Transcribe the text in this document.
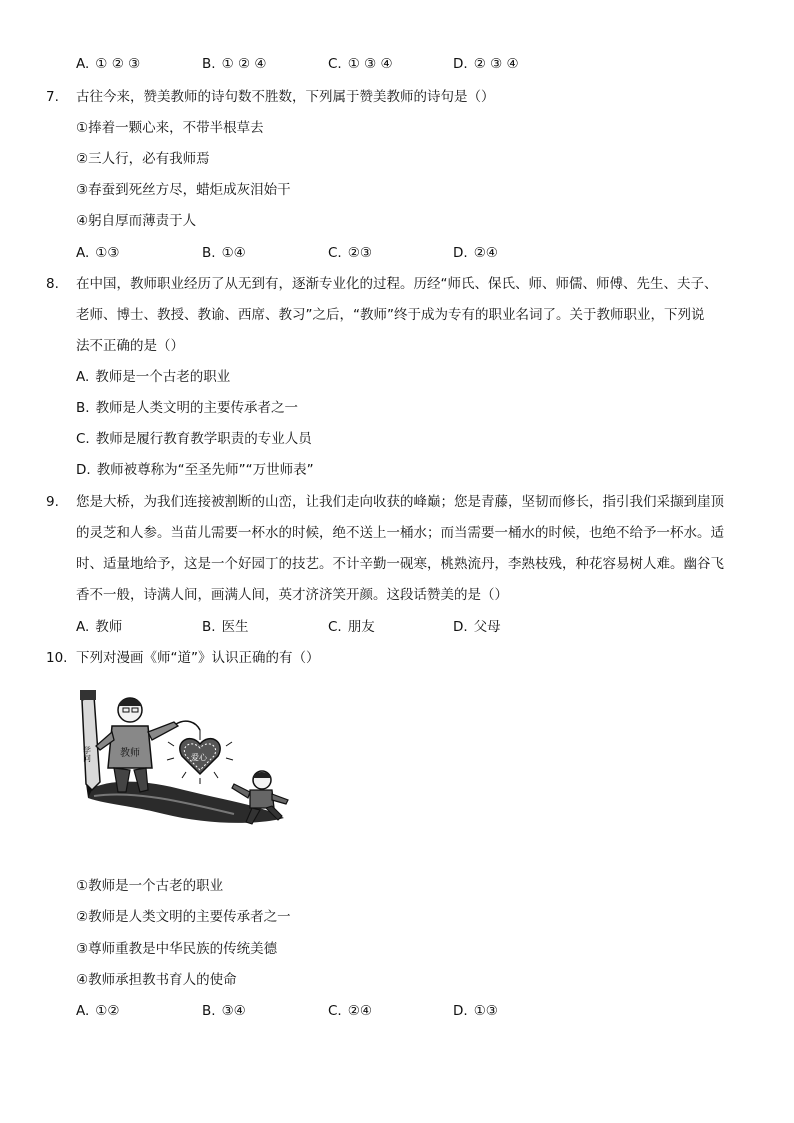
A. ① ② ③	B. ① ② ④	C. ① ③ ④	D. ② ③ ④
7. 古往今来，赞美教师的诗句数不胜数，下列属于赞美教师的诗句是（）
①捧着一颗心来，不带半根草去
②三人行，必有我师焉
③春蚕到死丝方尽，蜡炬成灰泪始干
④躬自厚而薄责于人
A. ①③	B. ①④	C. ②③	D. ②④
8. 在中国，教师职业经历了从无到有，逐渐专业化的过程。历经“师氏、保氏、师、师儒、师傅、先生、夫子、
老师、博士、教授、教谕、西席、教习”之后，“教师”终于成为专有的职业名词了。关于教师职业，下列说
法不正确的是（）
A. 教师是一个古老的职业
B. 教师是人类文明的主要传承者之一
C. 教师是履行教育教学职责的专业人员
D. 教师被尊称为“至圣先师”“万世师表”
9. 您是大桥，为我们连接被割断的山峦，让我们走向收获的峰巅；您是青藤，坚韧而修长，指引我们采撷到崖顶
的灵芝和人参。当苗儿需要一杯水的时候，绝不送上一桶水；而当需要一桶水的时候，也绝不给予一杯水。适
时、适量地给予，这是一个好园丁的技艺。不计辛勤一砚寒，桃熟流丹，李熟枝残，种花容易树人难。幽谷飞
香不一般，诗满人间，画满人间，英才济济笑开颜。这段话赞美的是（）
A. 教师	B. 医生	C. 朋友	D. 父母
10. 下列对漫画《师“道”》认识正确的有（）
学问	教师	爱心
①教师是一个古老的职业
②教师是人类文明的主要传承者之一
③尊师重教是中华民族的传统美德
④教师承担教书育人的使命
A. ①②	B. ③④	C. ②④	D. ①③
